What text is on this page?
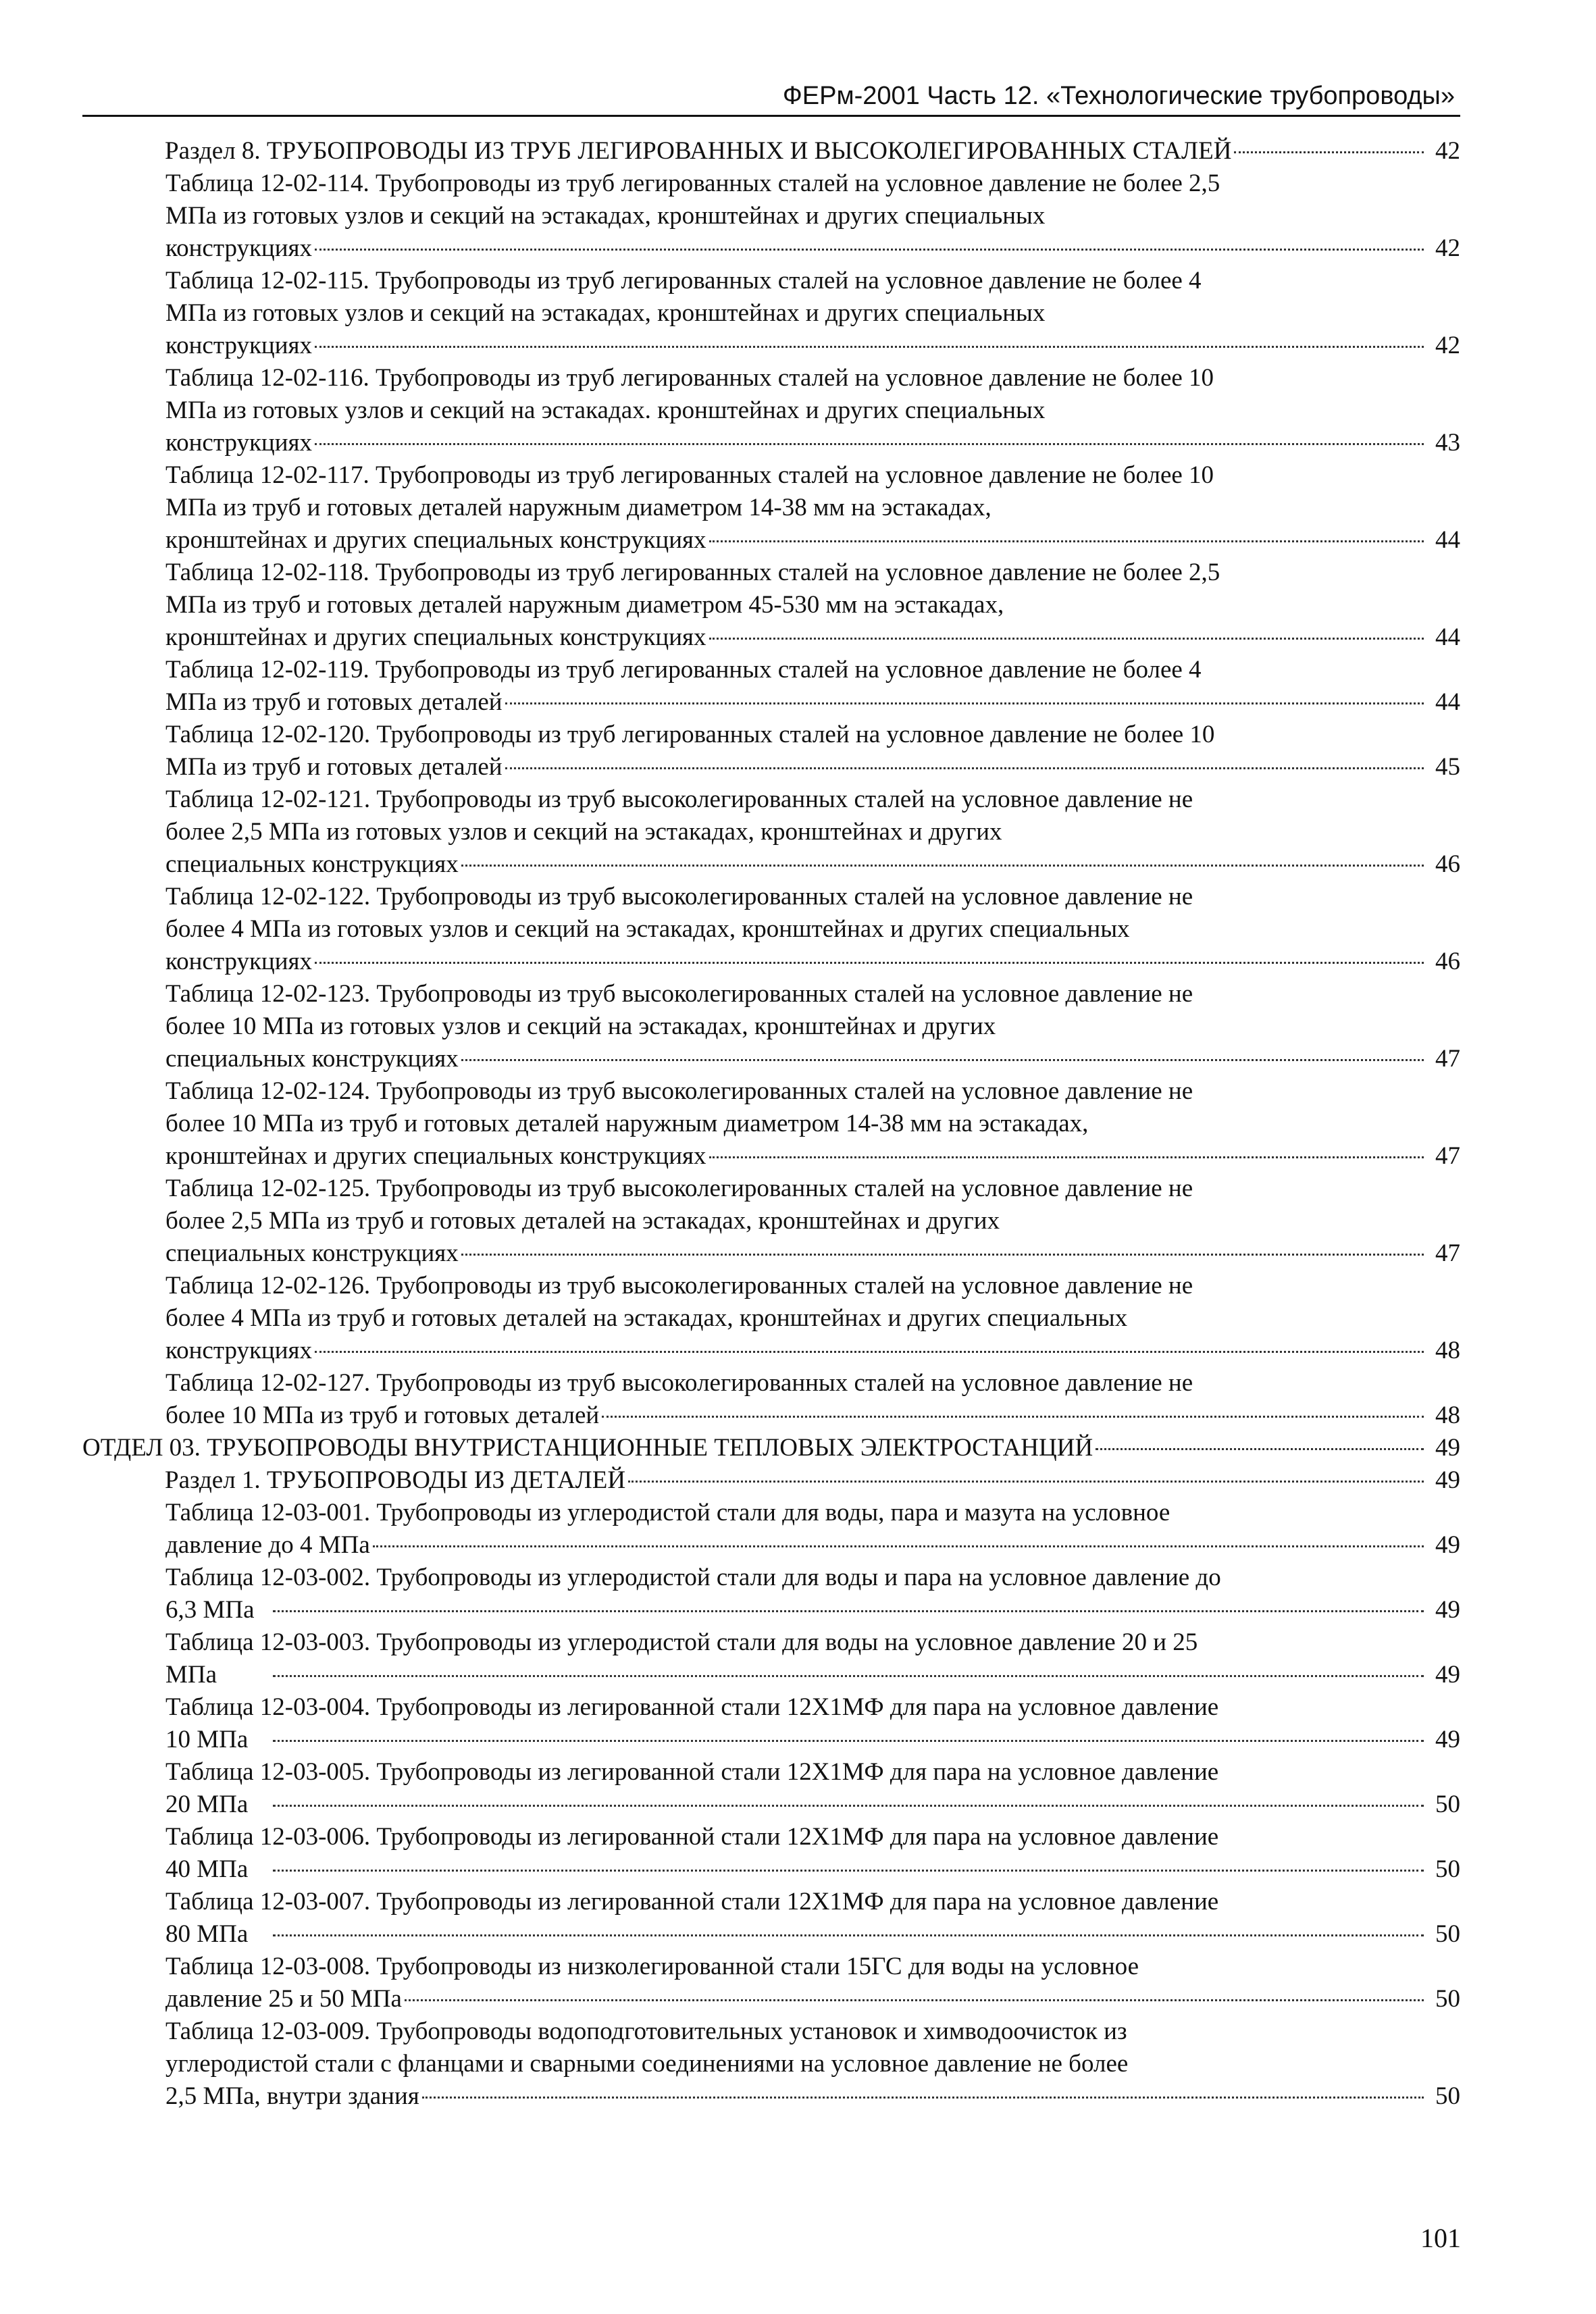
ФЕРм-2001 Часть 12. «Технологические трубопроводы»
Раздел 8. ТРУБОПРОВОДЫ ИЗ ТРУБ ЛЕГИРОВАННЫХ И ВЫСОКОЛЕГИРОВАННЫХ СТАЛЕЙ	42
Таблица 12-02-114. Трубопроводы из труб легированных сталей на условное давление не более 2,5
МПа из готовых узлов и секций на эстакадах, кронштейнах и других специальных
конструкциях	42
Таблица 12-02-115. Трубопроводы из труб легированных сталей на условное давление не более 4
МПа из готовых узлов и секций на эстакадах, кронштейнах и других специальных
конструкциях	42
Таблица 12-02-116. Трубопроводы из труб легированных сталей на условное давление не более 10
МПа из готовых узлов и секций на эстакадах. кронштейнах и других специальных
конструкциях	43
Таблица 12-02-117. Трубопроводы из труб легированных сталей на условное давление не более 10
МПа из труб и готовых деталей наружным диаметром 14-38 мм на эстакадах,
кронштейнах и других специальных конструкциях	44
Таблица 12-02-118. Трубопроводы из труб легированных сталей на условное давление не более 2,5
МПа из труб и готовых деталей наружным диаметром 45-530 мм на эстакадах,
кронштейнах и других специальных конструкциях	44
Таблица 12-02-119. Трубопроводы из труб легированных сталей на условное давление не более 4
МПа из труб и готовых деталей	44
Таблица 12-02-120. Трубопроводы из труб легированных сталей на условное давление не более 10
МПа из труб и готовых деталей	45
Таблица 12-02-121. Трубопроводы из труб высоколегированных сталей на условное давление не
более 2,5 МПа из готовых узлов и секций на эстакадах, кронштейнах и других
специальных конструкциях	46
Таблица 12-02-122. Трубопроводы из труб высоколегированных сталей на условное давление не
более 4 МПа из готовых узлов и секций на эстакадах, кронштейнах и других специальных
конструкциях	46
Таблица 12-02-123. Трубопроводы из труб высоколегированных сталей на условное давление не
более 10 МПа из готовых узлов и секций на эстакадах, кронштейнах и других
специальных конструкциях	47
Таблица 12-02-124. Трубопроводы из труб высоколегированных сталей на условное давление не
более 10 МПа из труб и готовых деталей наружным диаметром 14-38 мм на эстакадах,
кронштейнах и других специальных конструкциях	47
Таблица 12-02-125. Трубопроводы из труб высоколегированных сталей на условное давление не
более 2,5 МПа из труб и готовых деталей на эстакадах, кронштейнах и других
специальных конструкциях	47
Таблица 12-02-126. Трубопроводы из труб высоколегированных сталей на условное давление не
более 4 МПа из труб и готовых деталей на эстакадах, кронштейнах и других специальных
конструкциях	48
Таблица 12-02-127. Трубопроводы из труб высоколегированных сталей на условное давление не
более 10 МПа из труб и готовых деталей	48
ОТДЕЛ 03. ТРУБОПРОВОДЫ ВНУТРИСТАНЦИОННЫЕ ТЕПЛОВЫХ ЭЛЕКТРОСТАНЦИЙ	49
Раздел 1. ТРУБОПРОВОДЫ ИЗ ДЕТАЛЕЙ	49
Таблица 12-03-001. Трубопроводы из углеродистой стали для воды, пара и мазута на условное
давление до 4 МПа	49
Таблица 12-03-002. Трубопроводы из углеродистой стали для воды и пара на условное давление до
6,3 МПа	49
Таблица 12-03-003. Трубопроводы из углеродистой стали для воды на условное давление 20 и 25
МПа	49
Таблица 12-03-004. Трубопроводы из легированной стали 12Х1МФ для пара на условное давление
10 МПа	49
Таблица 12-03-005. Трубопроводы из легированной стали 12Х1МФ для пара на условное давление
20 МПа	50
Таблица 12-03-006. Трубопроводы из легированной стали 12Х1МФ для пара на условное давление
40 МПа	50
Таблица 12-03-007. Трубопроводы из легированной стали 12Х1МФ для пара на условное давление
80 МПа	50
Таблица 12-03-008. Трубопроводы из низколегированной стали 15ГС для воды на условное
давление 25 и 50 МПа	50
Таблица 12-03-009. Трубопроводы водоподготовительных установок и химводоочисток из
углеродистой стали с фланцами и сварными соединениями на условное давление не более
2,5 МПа, внутри здания	50
101
